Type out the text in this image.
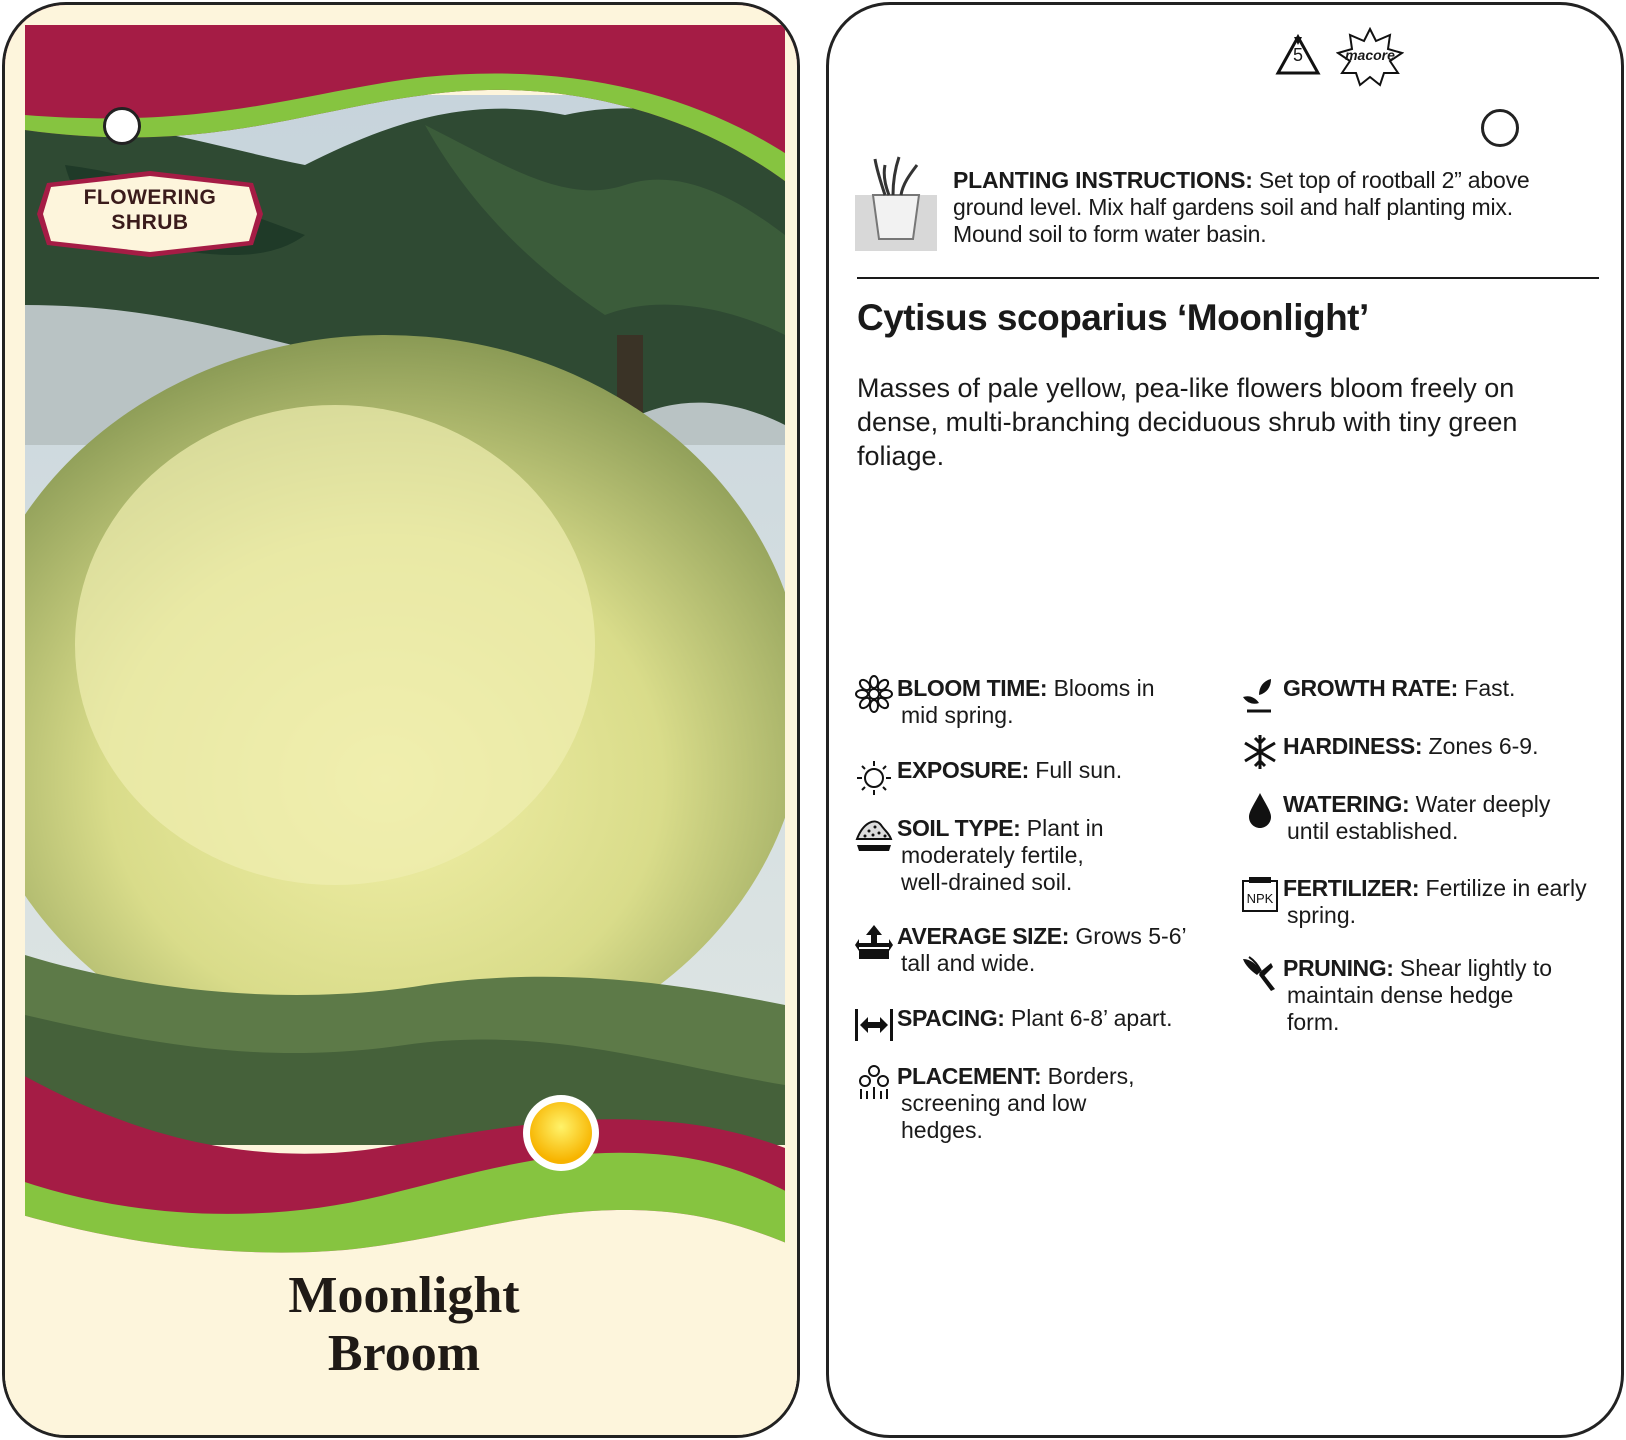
FLOWERING
SHRUB
Moonlight
Broom
5	macore
PLANTING INSTRUCTIONS: Set top of rootball 2” above ground level. Mix half gardens soil and half planting mix. Mound soil to form water basin.
Cytisus scoparius ‘Moonlight’
Masses of pale yellow, pea-like flowers bloom freely on dense, multi-branching deciduous shrub with tiny green foliage.
BLOOM TIME: Blooms in
mid spring.
EXPOSURE: Full sun.
SOIL TYPE: Plant in
moderately fertile,
well-drained soil.
AVERAGE SIZE: Grows 5-6’
tall and wide.
SPACING: Plant 6-8’ apart.
PLACEMENT: Borders,
screening and low
hedges.
GROWTH RATE: Fast.
HARDINESS: Zones 6-9.
WATERING: Water deeply
until established.
NPK FERTILIZER: Fertilize in early
spring.
PRUNING: Shear lightly to
maintain dense hedge
form.
